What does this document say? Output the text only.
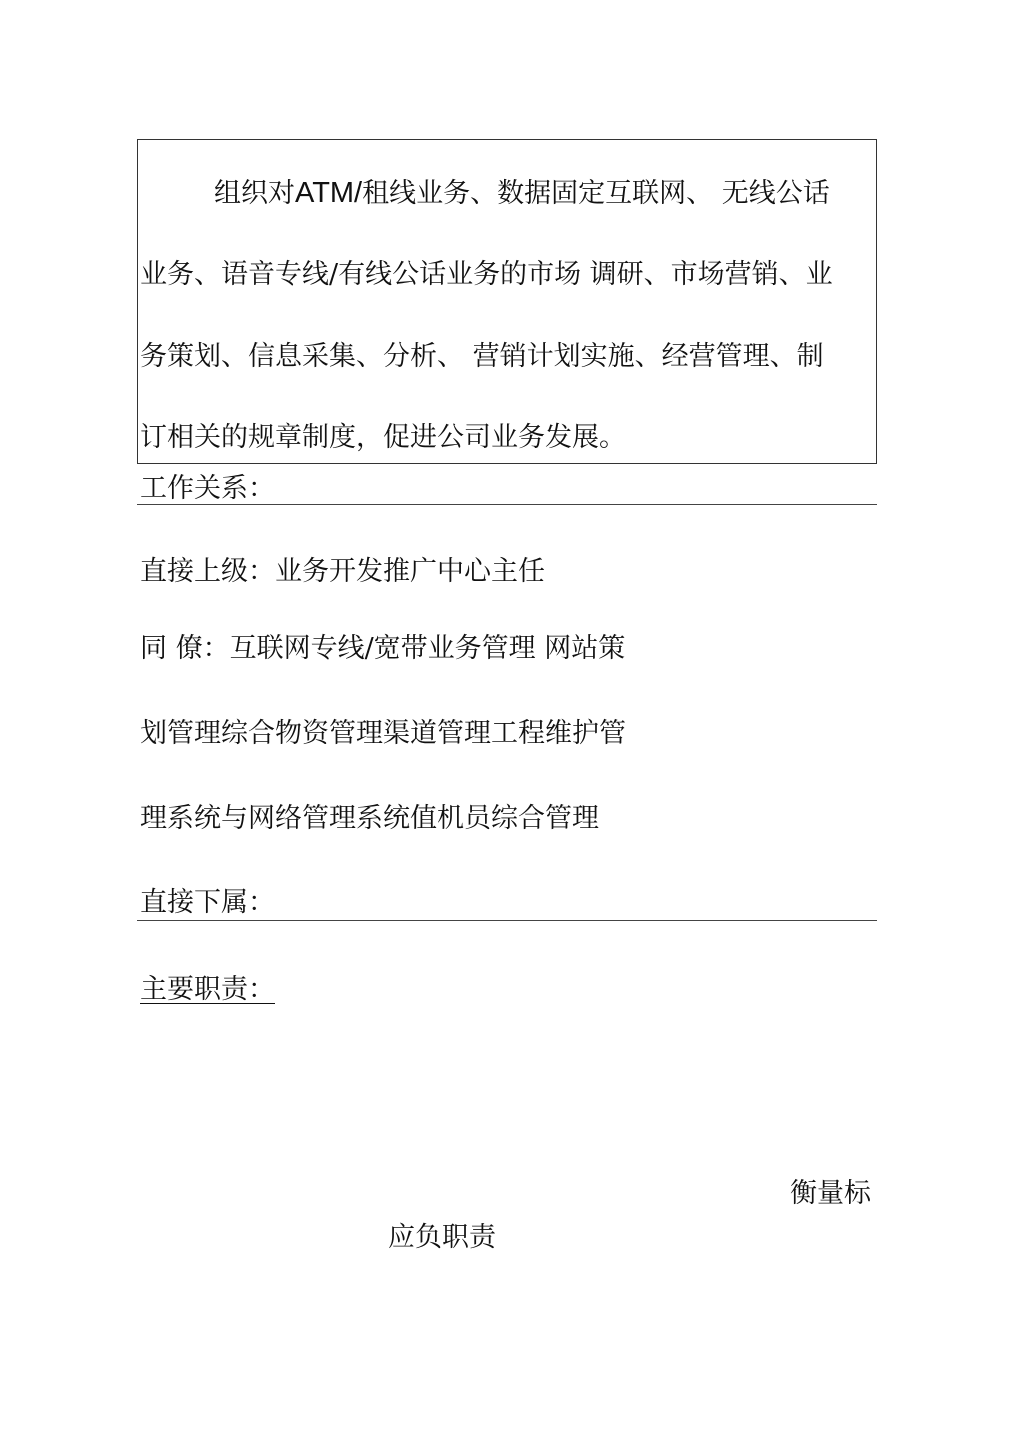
组织对ATM/租线业务、数据固定互联网、 无线公话
业务、语音专线/有线公话业务的市场 调研、市场营销、业
务策划、信息采集、分析、 营销计划实施、经营管理、制
订相关的规章制度，促进公司业务发展。
工作关系：
直接上级：业务开发推广中心主任
同 僚：互联网专线/宽带业务管理 网站策
划管理综合物资管理渠道管理工程维护管
理系统与网络管理系统值机员综合管理
直接下属：
主要职责：
衡量标
应负职责
